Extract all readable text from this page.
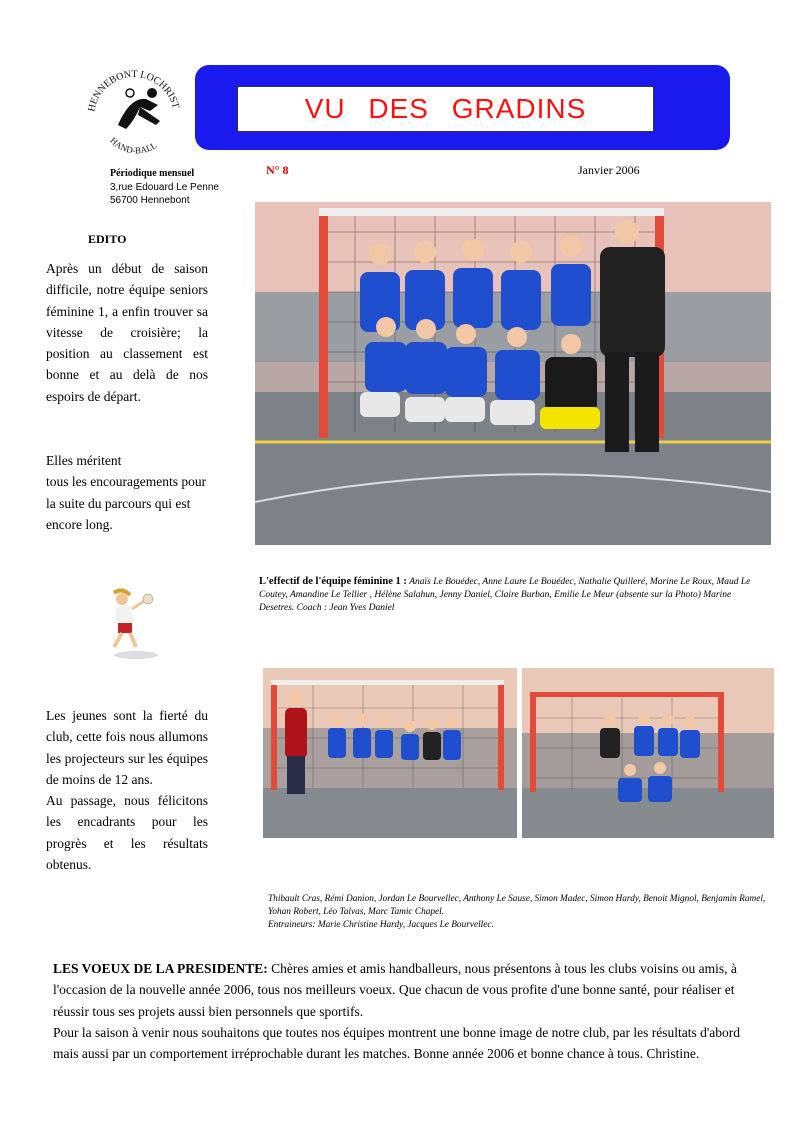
HENNEBONT LOCHRIST
HAND-BALL
VU DES GRADINS
Périodique mensuel
3,rue Edouard Le Penne
56700 Hennebont
N° 8	Janvier 2006
EDITO
Après un début de saison difficile, notre équipe seniors féminine 1, a enfin trouver sa vitesse de croisière; la position au classement est bonne et au delà de nos espoirs de départ.
Elles méritent
tous les encouragements pour la suite du parcours qui est encore long.
L'effectif de l'équipe féminine 1 : Anaïs Le Bouédec, Anne Laure Le Bouédec, Nathalie Quilleré, Marine Le Roux, Maud Le Coutey, Amandine Le Tellier , Hélène Salahun, Jenny Daniel, Claire Burban, Emilie Le Meur (absente sur la Photo) Marine Desetres. Coach : Jean Yves Daniel
Les jeunes sont la fierté du club, cette fois nous allumons les projecteurs sur les équipes de moins de 12 ans.
Au passage, nous félicitons les encadrants pour les progrès et les résultats obtenus.
Thibault Cras, Rémi Danion, Jordan Le Bourvellec, Anthony Le Sause, Simon Madec, Simon Hardy, Benoit Mignol, Benjamin Ramel, Yohan Robert, Léo Talvas, Marc Tamic Chapel.
Entraineurs: Marie Christine Hardy, Jacques Le Bourvellec.
LES VOEUX DE LA PRESIDENTE: Chères amies et amis handballeurs, nous présentons à tous les clubs voisins ou amis, à l'occasion de la nouvelle année 2006, tous nos meilleurs voeux. Que chacun de vous profite d'une bonne santé, pour réaliser et réussir tous ses projets aussi bien personnels que sportifs.
Pour la saison à venir nous souhaitons que toutes nos équipes montrent une bonne image de notre club, par les résultats d'abord mais aussi par un comportement irréprochable durant les matches. Bonne année 2006 et bonne chance à tous. Christine.
